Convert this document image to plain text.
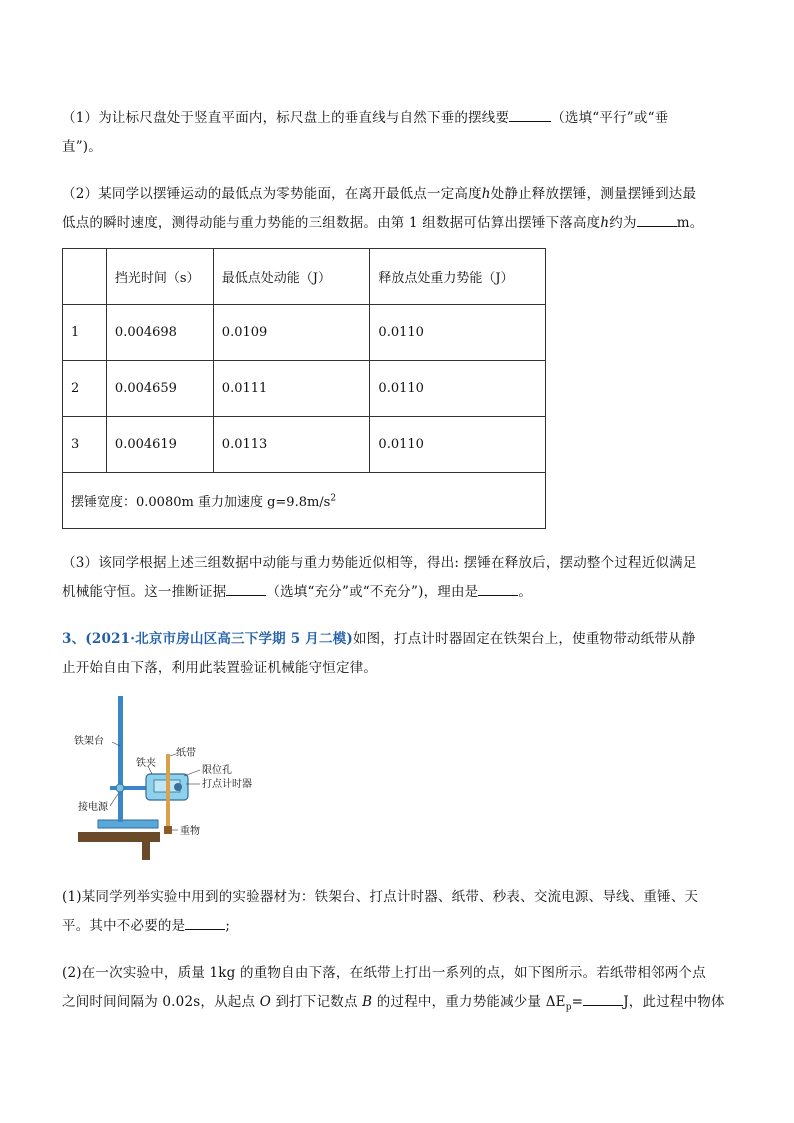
（1）为让标尺盘处于竖直平面内，标尺盘上的垂直线与自然下垂的摆线要	（选填“平行”或“垂
直”)。
（2）某同学以摆锤运动的最低点为零势能面，在离开最低点一定高度h处静止释放摆锤，测量摆锤到达最
低点的瞬时速度，测得动能与重力势能的三组数据。由第 1 组数据可估算出摆锤下落高度h约为	m。
	挡光时间（s）	最低点处动能（J）	释放点处重力势能（J）
1	0.004698	0.0109	0.0110
2	0.004659	0.0111	0.0110
3	0.004619	0.0113	0.0110
摆锤宽度：0.0080m 重力加速度 $g=9.8m/s^2$
（3）该同学根据上述三组数据中动能与重力势能近似相等，得出: 摆锤在释放后，摆动整个过程近似满足
机械能守恒。这一推断证据	（选填“充分”或“不充分”)，理由是	。
3、(2021·北京市房山区高三下学期 5 月二模)如图，打点计时器固定在铁架台上，使重物带动纸带从静
止开始自由下落，利用此装置验证机械能守恒定律。
铁架台
纸带
铁夹
限位孔
打点计时器
接电源
重物
(1)某同学列举实验中用到的实验器材为：铁架台、打点计时器、纸带、秒表、交流电源、导线、重锤、天
平。其中不必要的是	;
(2)在一次实验中，质量 1kg 的重物自由下落，在纸带上打出一系列的点，如下图所示。若纸带相邻两个点
之间时间间隔为 0.02s，从起点 O 到打下记数点 B 的过程中，重力势能减少量 $\Delta E_p=$	J，此过程中物体
